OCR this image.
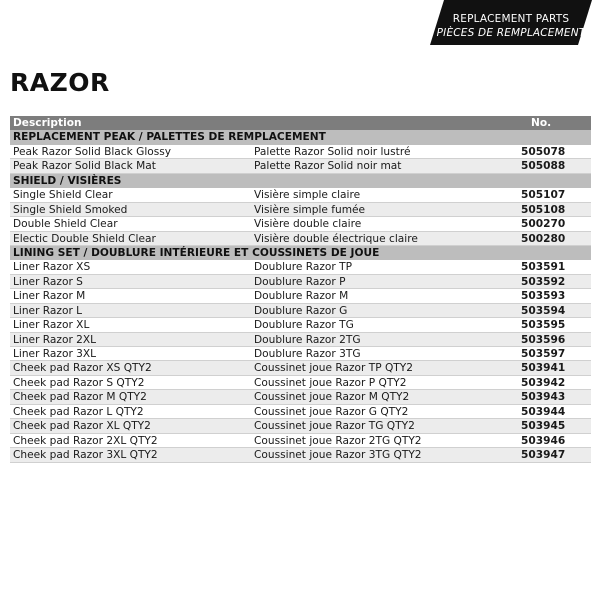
REPLACEMENT PARTS
PIÈCES DE REMPLACEMENT
RAZOR
Description	No.
REPLACEMENT PEAK / PALETTES DE REMPLACEMENT
Peak Razor Solid Black Glossy	Palette Razor Solid noir lustré	505078
Peak Razor Solid Black Mat	Palette Razor Solid noir mat	505088
SHIELD / VISIÈRES
Single Shield Clear	Visière simple claire	505107
Single Shield Smoked	Visière simple fumée	505108
Double Shield Clear	Visière double claire	500270
Electic Double Shield Clear	Visière double électrique claire	500280
LINING SET / DOUBLURE INTÉRIEURE ET COUSSINETS DE JOUE
Liner Razor XS	Doublure Razor TP	503591
Liner Razor S	Doublure Razor P	503592
Liner Razor M	Doublure Razor M	503593
Liner Razor L	Doublure Razor G	503594
Liner Razor XL	Doublure Razor TG	503595
Liner Razor 2XL	Doublure Razor 2TG	503596
Liner Razor 3XL	Doublure Razor 3TG	503597
Cheek pad Razor XS QTY2	Coussinet joue Razor TP QTY2	503941
Cheek pad Razor S QTY2	Coussinet joue Razor P QTY2	503942
Cheek pad Razor M QTY2	Coussinet joue Razor M QTY2	503943
Cheek pad Razor L QTY2	Coussinet joue Razor G QTY2	503944
Cheek pad Razor XL QTY2	Coussinet joue Razor TG QTY2	503945
Cheek pad Razor 2XL QTY2	Coussinet joue Razor 2TG QTY2	503946
Cheek pad Razor 3XL QTY2	Coussinet joue Razor 3TG QTY2	503947
